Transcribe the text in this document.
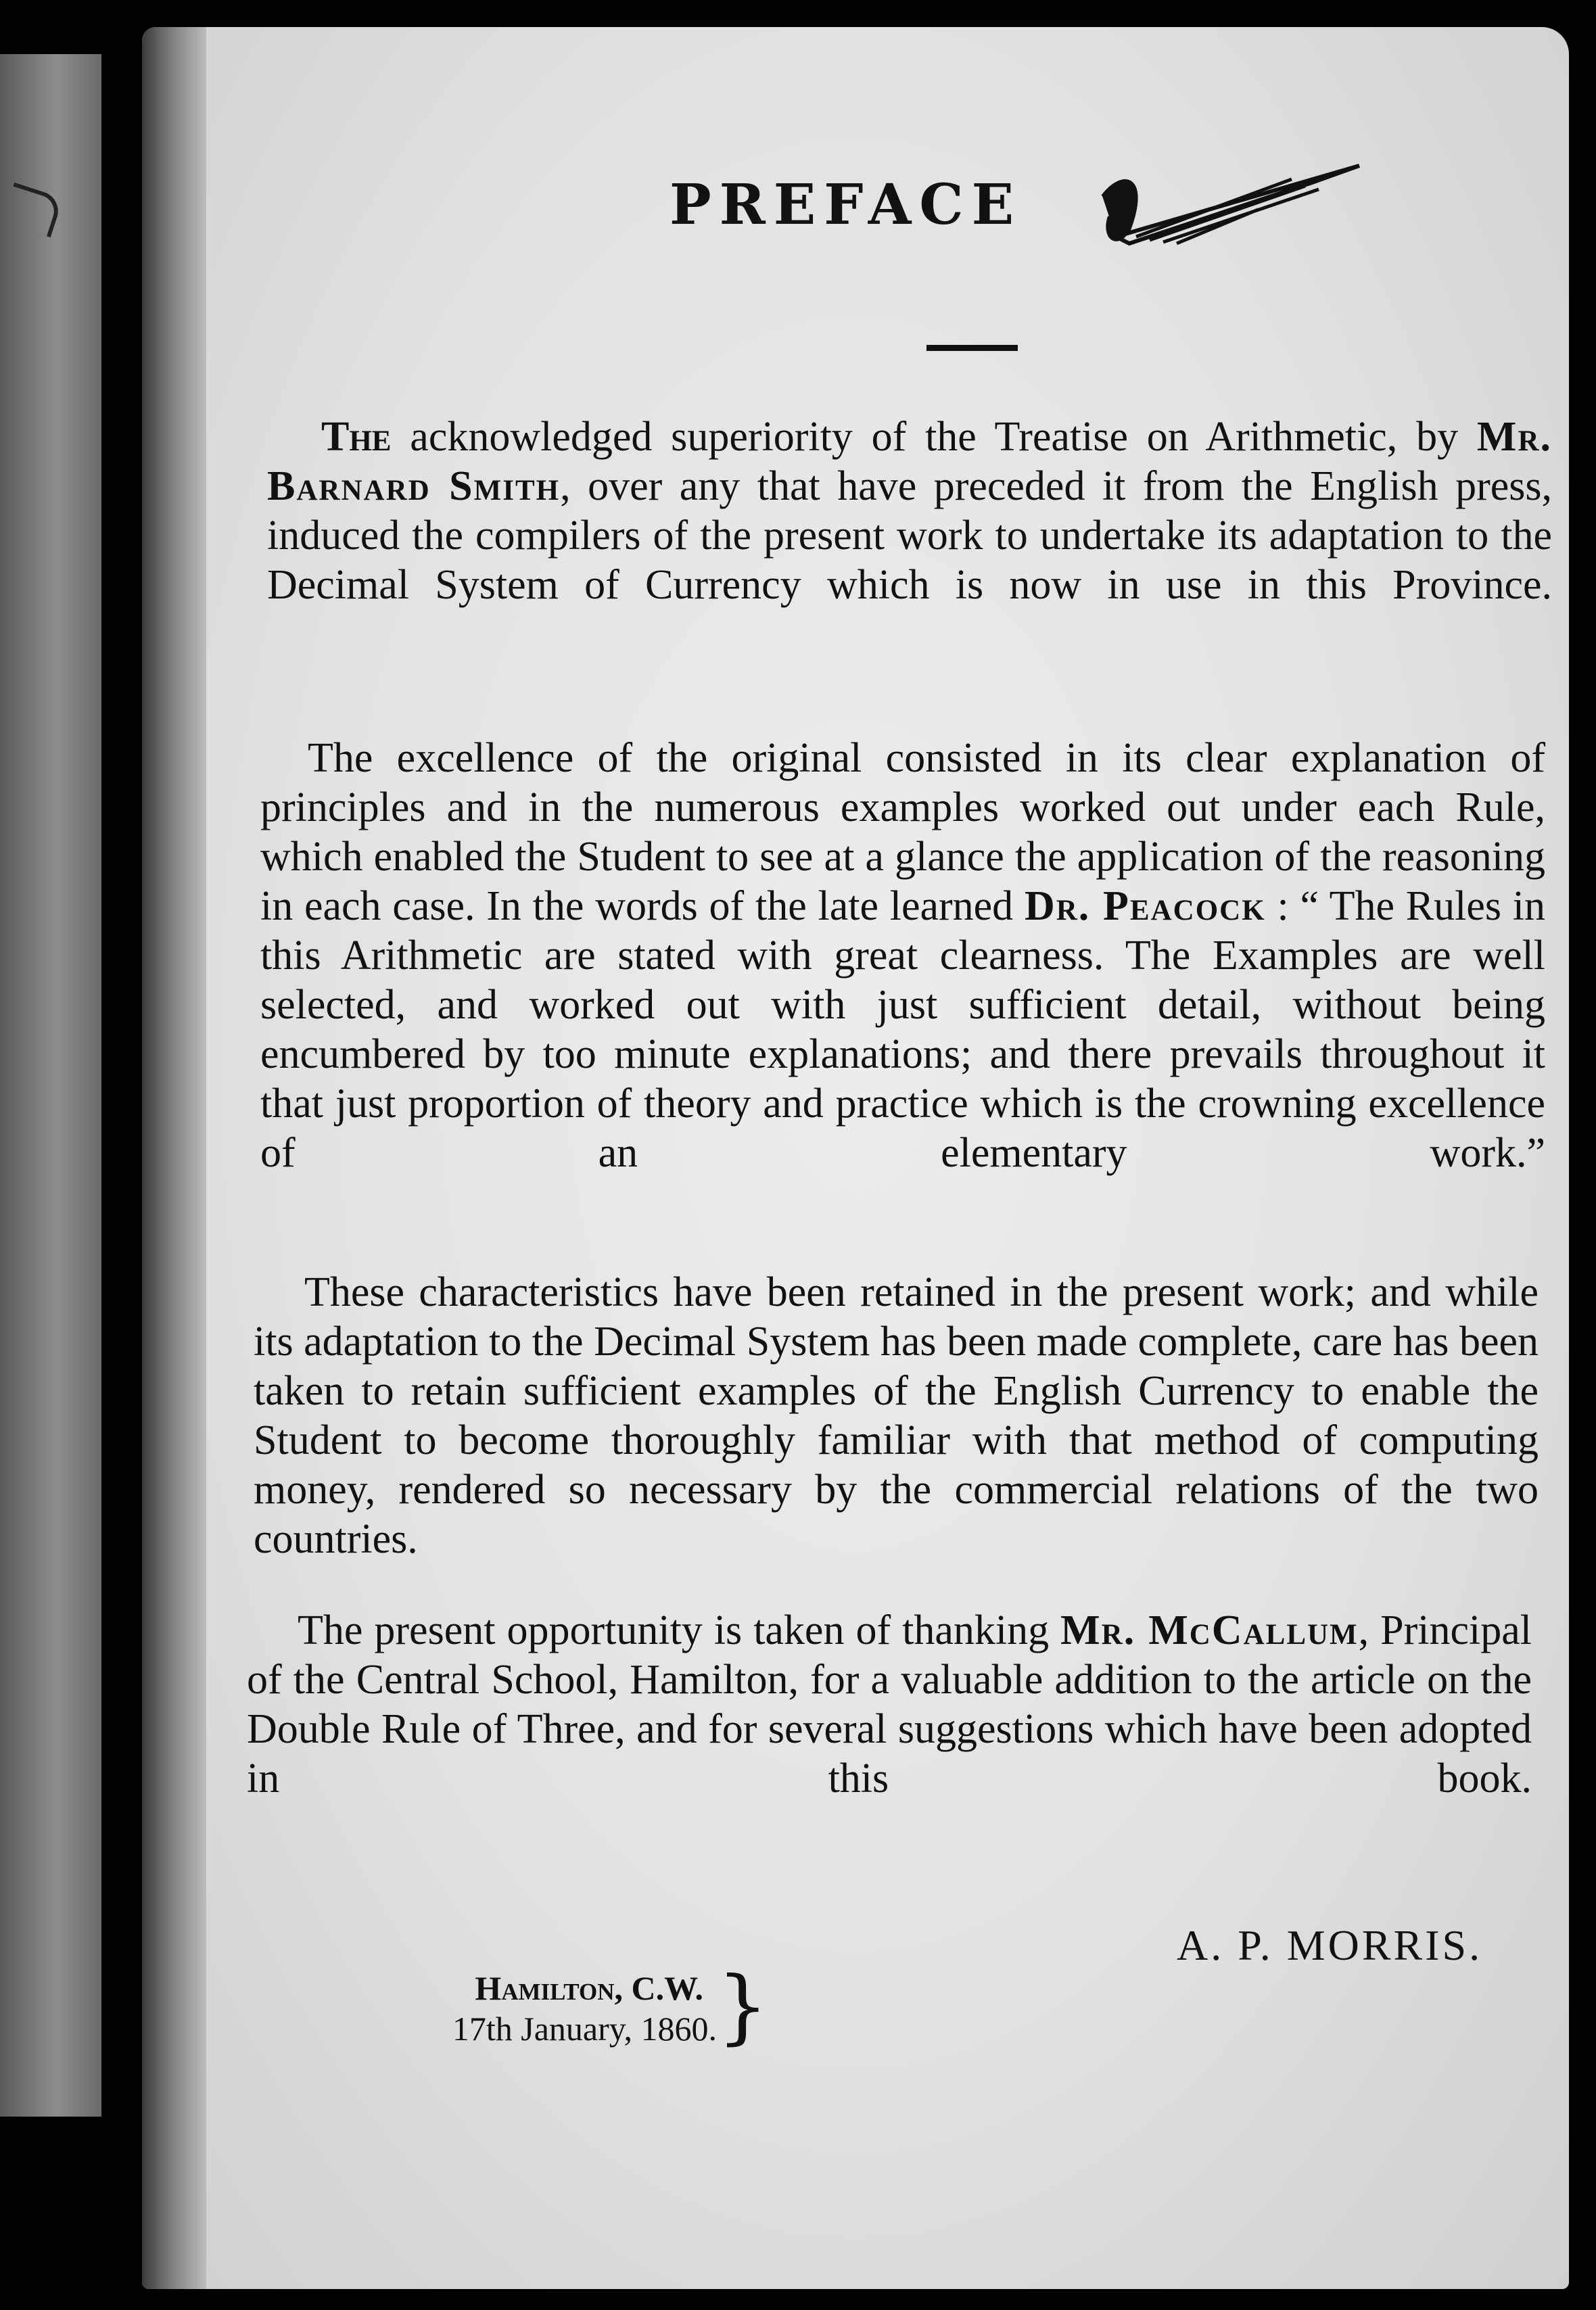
PREFACE

The acknowledged superiority of the Treatise on Arithmetic, by Mr. Barnard Smith, over any that have preceded it from the English press, induced the compilers of the present work to undertake its adaptation to the Decimal System of Currency which is now in use in this Province.

The excellence of the original consisted in its clear explanation of principles and in the numerous examples worked out under each Rule, which enabled the Student to see at a glance the application of the reasoning in each case. In the words of the late learned Dr. Peacock : “ The Rules in this Arithmetic are stated with great clearness. The Examples are well selected, and worked out with just sufficient detail, without being encumbered by too minute explanations; and there prevails throughout it that just proportion of theory and practice which is the crowning excellence of an elementary work.”

These characteristics have been retained in the present work; and while its adaptation to the Decimal System has been made complete, care has been taken to retain sufficient examples of the English Currency to enable the Student to become thoroughly familiar with that method of computing money, rendered so necessary by the commercial relations of the two countries.

The present opportunity is taken of thanking Mr. McCallum, Principal of the Central School, Hamilton, for a valuable addition to the article on the Double Rule of Three, and for several suggestions which have been adopted in this book.

A. P. MORRIS.
Hamilton, C.W.
17th January, 1860. }
